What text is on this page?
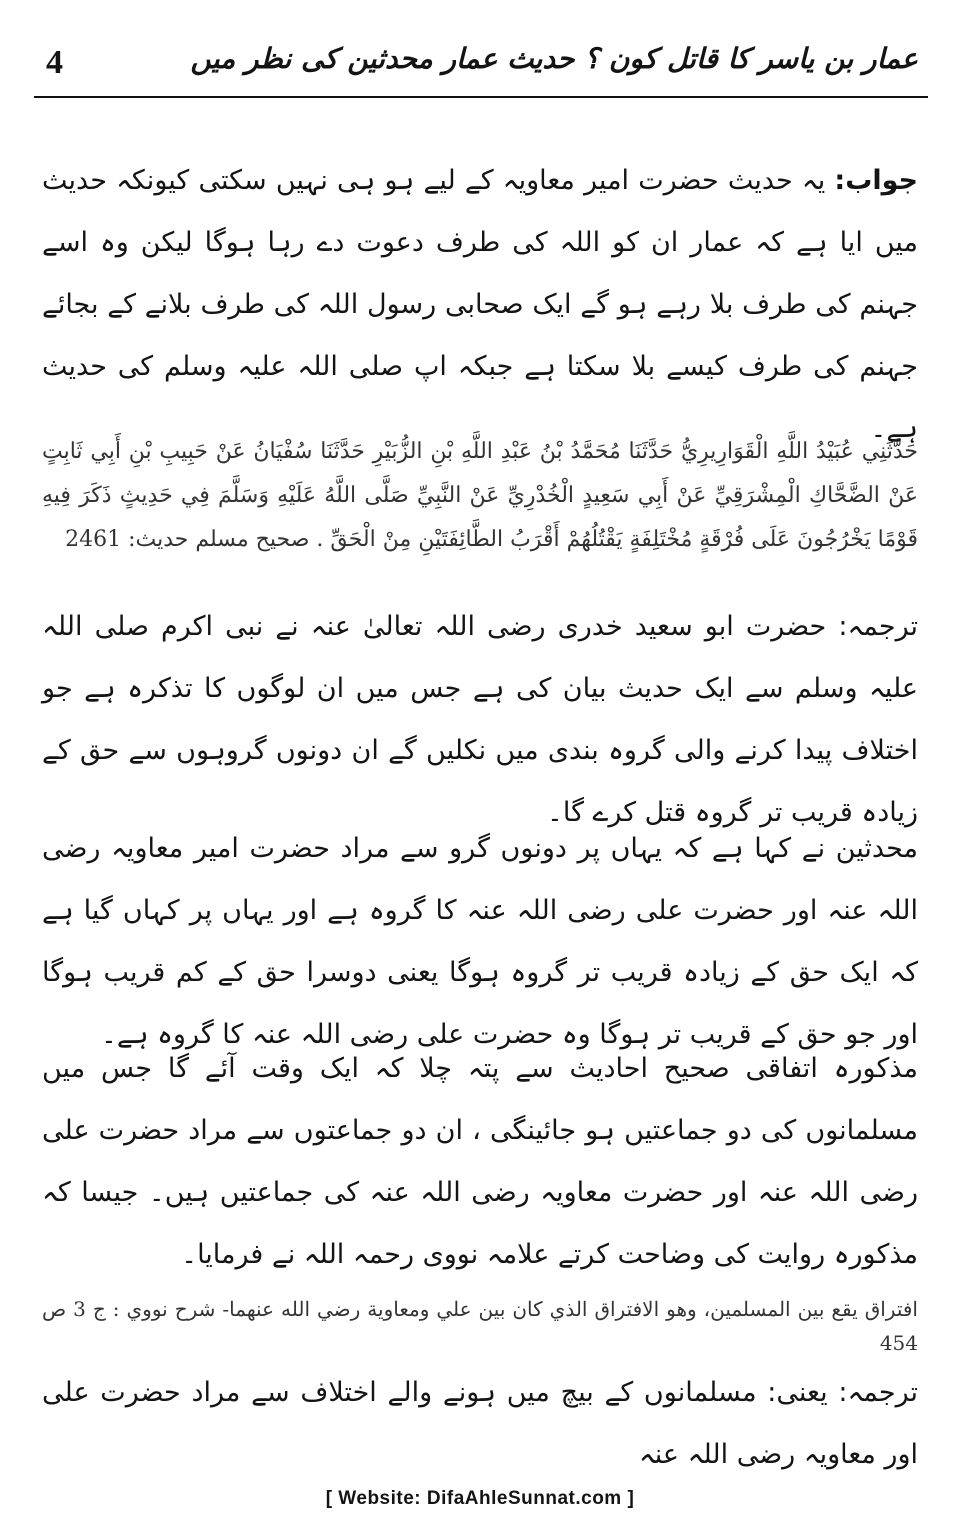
4	عمار بن یاسر کا قاتل کون ؟ حدیث عمار محدثین کی نظر میں
جواب: یہ حدیث حضرت امیر معاویہ کے لیے ہو ہی نہیں سکتی کیونکہ حدیث میں ایا ہے کہ عمار ان کو اللہ کی طرف دعوت دے رہا ہوگا لیکن وہ اسے جہنم کی طرف بلا رہے ہو گے ایک صحابی رسول اللہ کی طرف بلانے کے بجائے جہنم کی طرف کیسے بلا سکتا ہے جبکہ اپ صلی اللہ علیہ وسلم کی حدیث ہے۔
حَدَّثَنِي عُبَيْدُ اللَّهِ الْقَوَارِيرِيُّ حَدَّثَنَا مُحَمَّدُ بْنُ عَبْدِ اللَّهِ بْنِ الزُّبَيْرِ حَدَّثَنَا سُفْيَانُ عَنْ حَبِيبِ بْنِ أَبِي ثَابِتٍ عَنْ الضَّحَّاكِ الْمِشْرَقِيِّ عَنْ أَبِي سَعِيدٍ الْخُدْرِيِّ عَنْ النَّبِيِّ صَلَّى اللَّهُ عَلَيْهِ وَسَلَّمَ فِي حَدِيثٍ ذَكَرَ فِيهِ قَوْمًا يَخْرُجُونَ عَلَى فُرْقَةٍ مُخْتَلِفَةٍ يَقْتُلُهُمْ أَقْرَبُ الطَّائِفَتَيْنِ مِنْ الْحَقِّ . صحيح مسلم حديث: 2461
ترجمہ: حضرت ابو سعید خدری رضی اللہ تعالیٰ عنہ نے نبی اکرم صلی اللہ علیہ وسلم سے ایک حدیث بیان کی ہے جس میں ان لوگوں کا تذکرہ ہے جو اختلاف پیدا کرنے والی گروہ بندی میں نکلیں گے ان دونوں گروہوں سے حق کے زیادہ قریب تر گروہ قتل کرے گا۔
محدثین نے کہا ہے کہ یہاں پر دونوں گرو سے مراد حضرت امیر معاویہ رضی اللہ عنہ اور حضرت علی رضی اللہ عنہ کا گروہ ہے اور یہاں پر کہاں گیا ہے کہ ایک حق کے زیادہ قریب تر گروہ ہوگا یعنی دوسرا حق کے کم قریب ہوگا اور جو حق کے قریب تر ہوگا وہ حضرت علی رضی اللہ عنہ کا گروہ ہے۔
مذکورہ اتفاقی صحیح احادیث سے پتہ چلا کہ ایک وقت آئے گا جس میں مسلمانوں کی دو جماعتیں ہو جائینگی ، ان دو جماعتوں سے مراد حضرت علی رضی اللہ عنہ اور حضرت معاویہ رضی اللہ عنہ کی جماعتیں ہیں۔ جیسا کہ مذکورہ روایت کی وضاحت کرتے علامہ نووی رحمہ اللہ نے فرمایا۔
افتراق يقع بين المسلمين، وهو الافتراق الذي كان بين علي ومعاوية رضي الله عنهما- شرح نووي : ج 3 ص 454
ترجمہ: یعنی: مسلمانوں کے بیچ میں ہونے والے اختلاف سے مراد حضرت علی اور معاویہ رضی اللہ عنہ
[ Website: DifaAhleSunnat.com ]
